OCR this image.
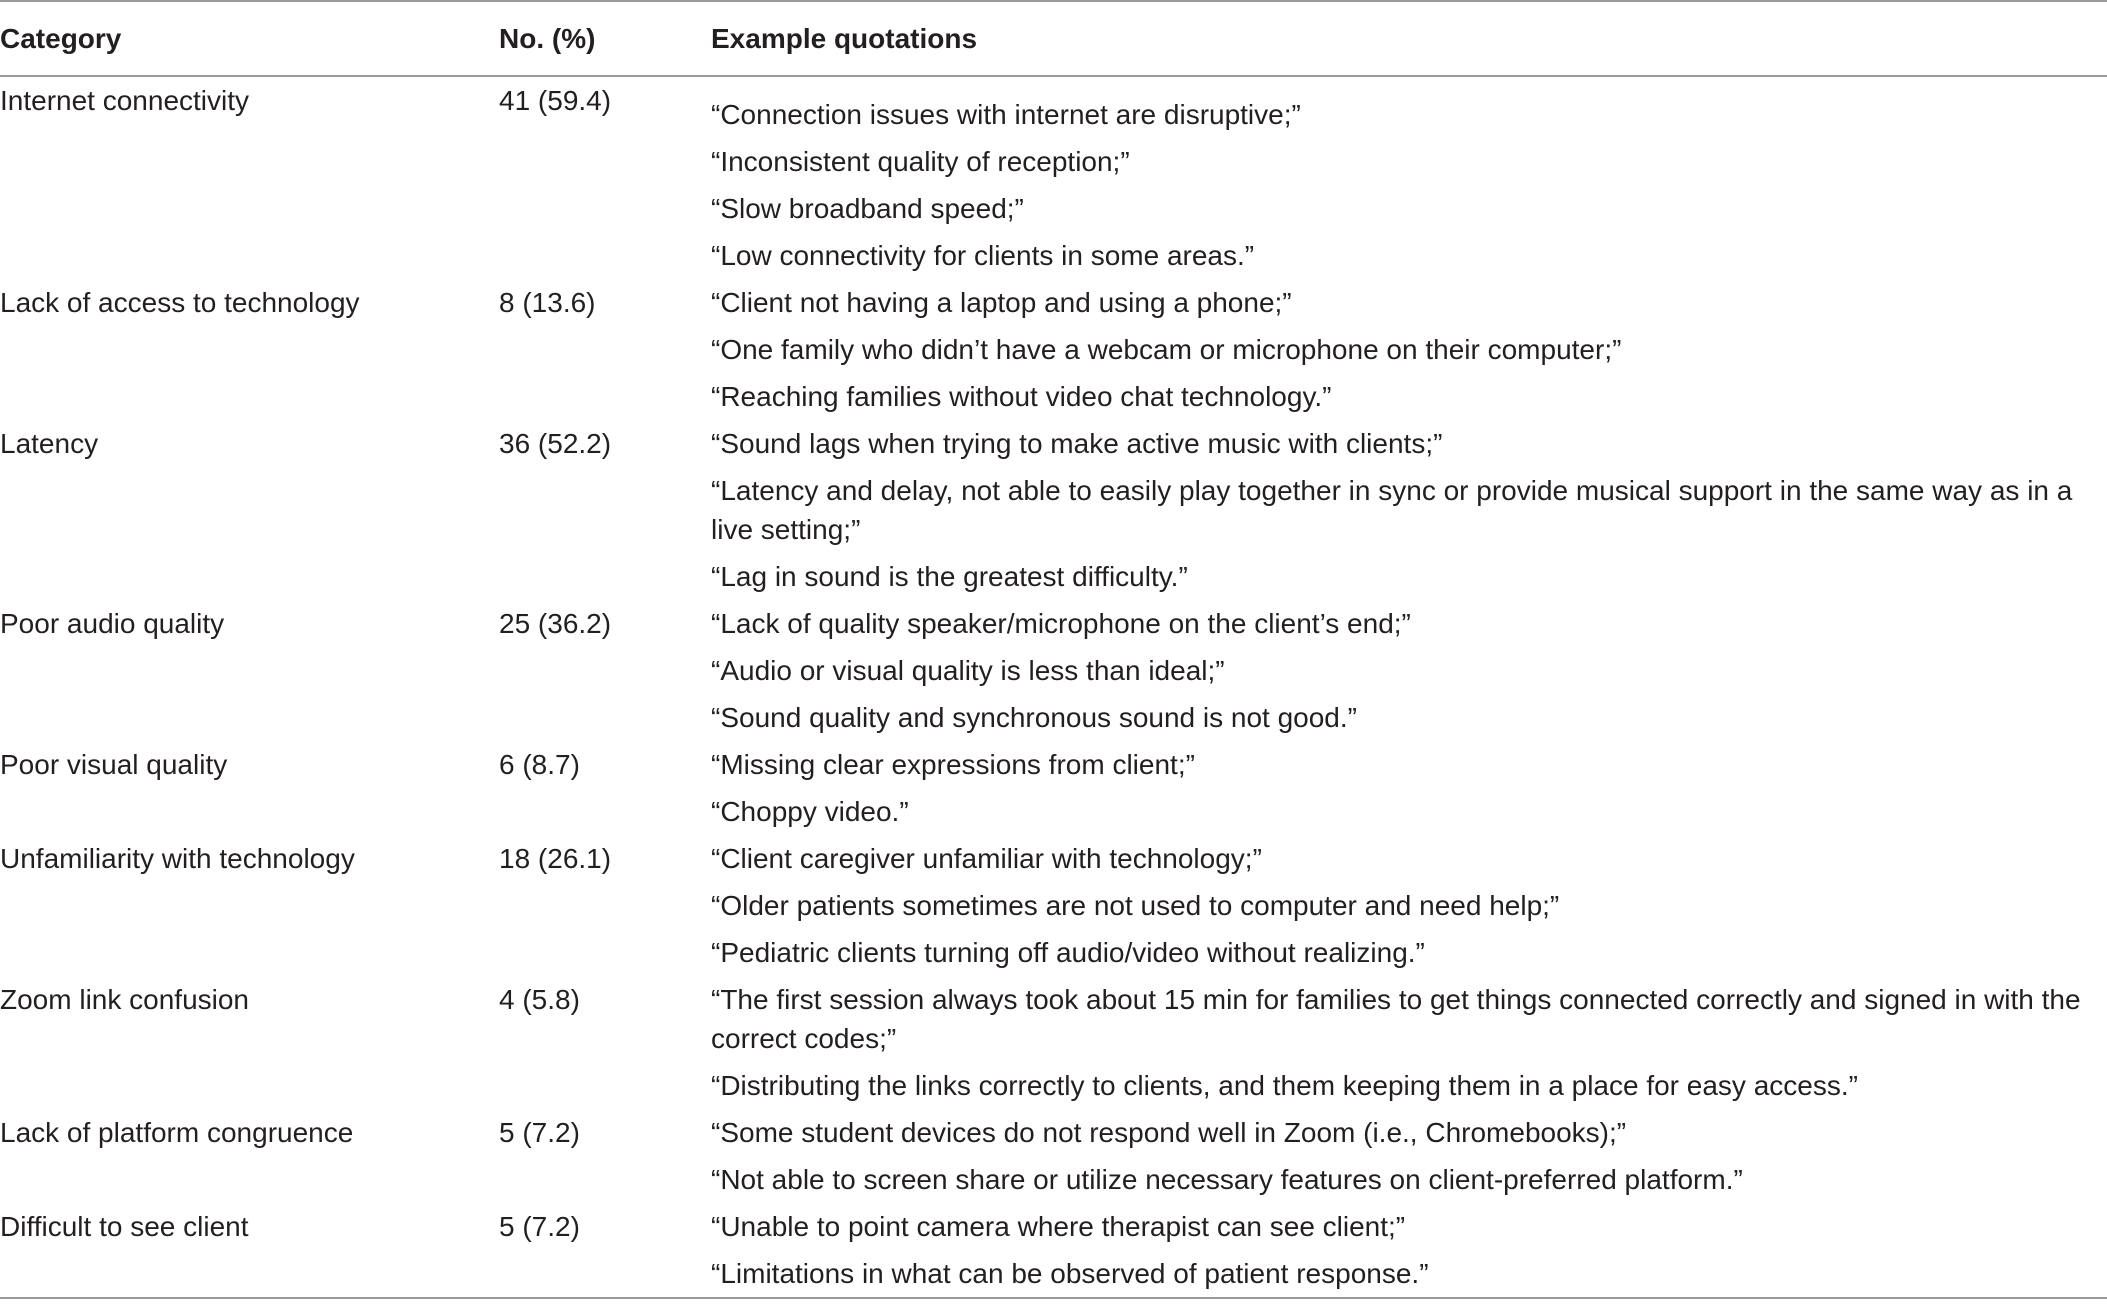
Category	No. (%)	Example quotations
Internet connectivity	41 (59.4)	“Connection issues with internet are disruptive;”
“Inconsistent quality of reception;”
“Slow broadband speed;”
“Low connectivity for clients in some areas.”

Lack of access to technology	8 (13.6)	“Client not having a laptop and using a phone;”
“One family who didn’t have a webcam or microphone on their computer;”
“Reaching families without video chat technology.”

Latency	36 (52.2)	“Sound lags when trying to make active music with clients;”
“Latency and delay, not able to easily play together in sync or provide musical support in the same way as in a live setting;”
“Lag in sound is the greatest difficulty.”

Poor audio quality	25 (36.2)	“Lack of quality speaker/microphone on the client’s end;”
“Audio or visual quality is less than ideal;”
“Sound quality and synchronous sound is not good.”

Poor visual quality	6 (8.7)	“Missing clear expressions from client;”
“Choppy video.”

Unfamiliarity with technology	18 (26.1)	“Client caregiver unfamiliar with technology;”
“Older patients sometimes are not used to computer and need help;”
“Pediatric clients turning off audio/video without realizing.”

Zoom link confusion	4 (5.8)	“The first session always took about 15 min for families to get things connected correctly and signed in with the correct codes;”
“Distributing the links correctly to clients, and them keeping them in a place for easy access.”

Lack of platform congruence	5 (7.2)	“Some student devices do not respond well in Zoom (i.e., Chromebooks);”
“Not able to screen share or utilize necessary features on client-preferred platform.”

Difficult to see client	5 (7.2)	“Unable to point camera where therapist can see client;”
“Limitations in what can be observed of patient response.”
